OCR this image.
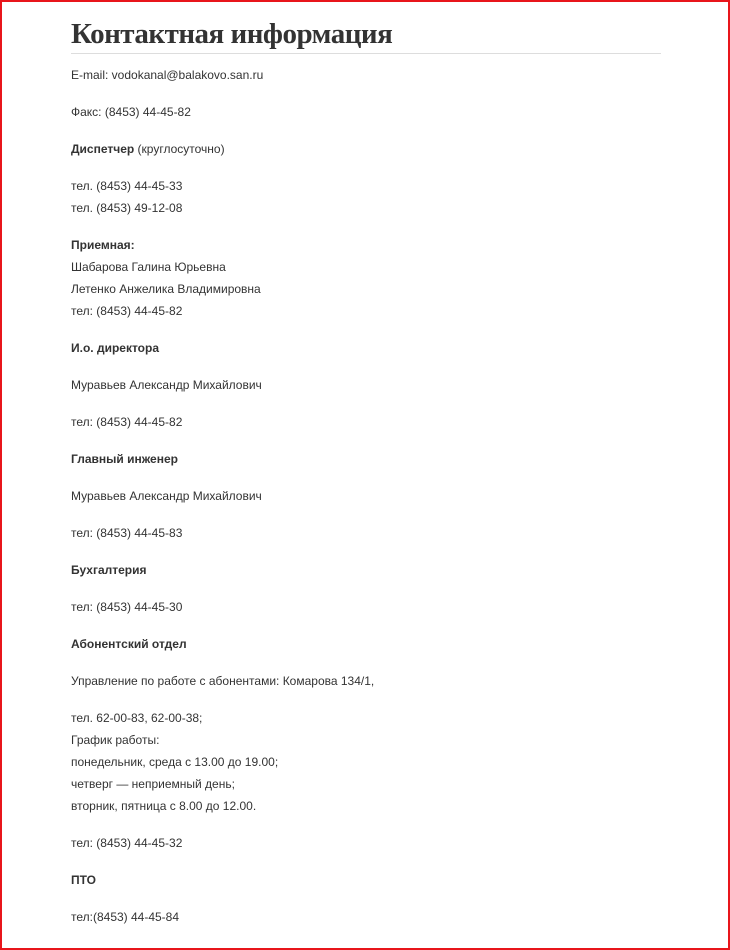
Контактная информация

E-mail: vodokanal@balakovo.san.ru

Факс: (8453) 44-45-82

Диспетчер (круглосуточно)

тел. (8453) 44-45-33

тел. (8453) 49-12-08

Приемная:

Шабарова Галина Юрьевна

Летенко Анжелика Владимировна

тел: (8453) 44-45-82

И.о. директора

Муравьев Александр Михайлович

тел: (8453) 44-45-82

Главный инженер

Муравьев Александр Михайлович

тел: (8453) 44-45-83

Бухгалтерия

тел: (8453) 44-45-30

Абонентский отдел

Управление по работе с абонентами: Комарова 134/1,

тел. 62-00-83, 62-00-38;

График работы:

понедельник, среда с 13.00 до 19.00;

четверг — неприемный день;

вторник, пятница с 8.00 до 12.00.

тел: (8453) 44-45-32

ПТО

тел:(8453) 44-45-84
